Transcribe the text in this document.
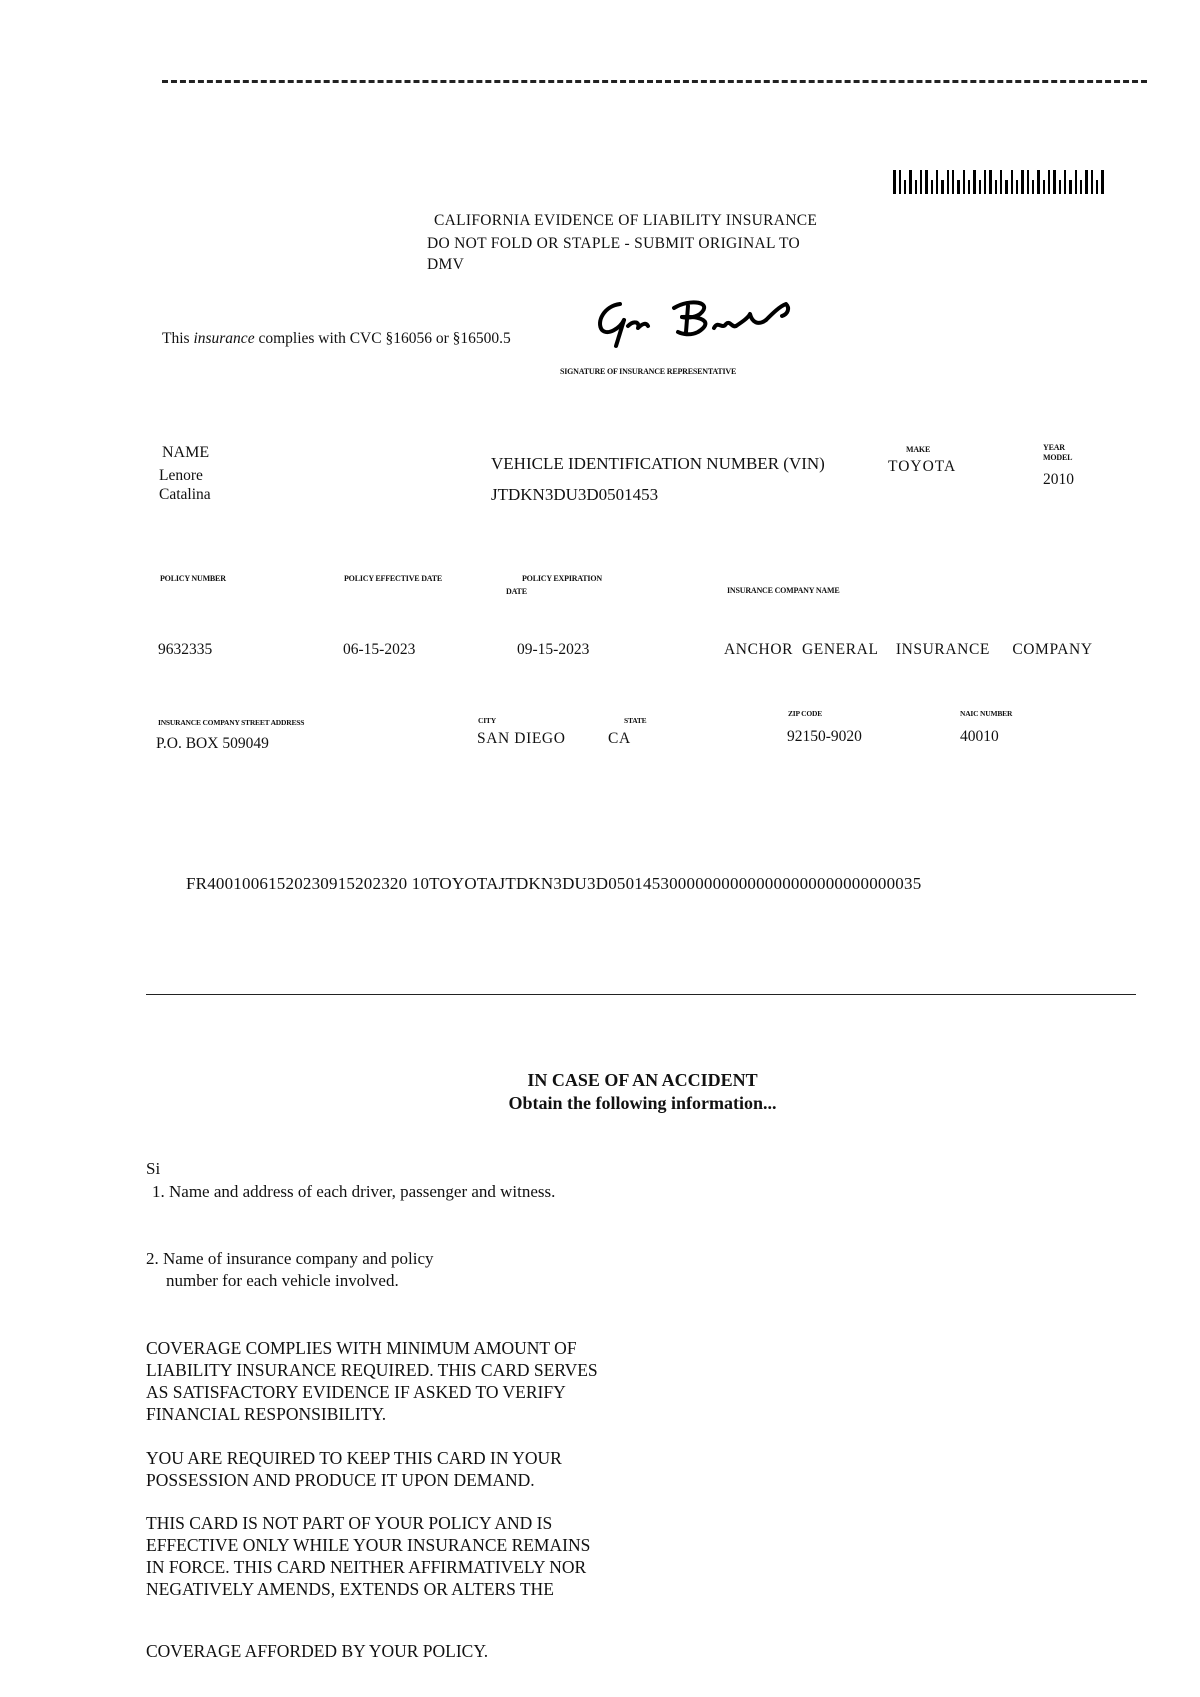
CALIFORNIA EVIDENCE OF LIABILITY INSURANCE
DO NOT FOLD OR STAPLE - SUBMIT ORIGINAL TO
DMV
This insurance complies with CVC §16056 or §16500.5
SIGNATURE OF INSURANCE REPRESENTATIVE
NAME
Lenore
Catalina
VEHICLE IDENTIFICATION NUMBER (VIN)
JTDKN3DU3D0501453
MAKE
TOYOTA
YEAR
MODEL
2010
POLICY NUMBER	POLICY EFFECTIVE DATE	POLICY EXPIRATION
DATE	INSURANCE COMPANY NAME
9632335	06-15-2023	09-15-2023	ANCHOR  GENERAL    INSURANCE     COMPANY
INSURANCE COMPANY STREET ADDRESS	CITY	STATE
ZIP CODE	NAIC NUMBER
P.O. BOX 509049	SAN DIEGO	CA	92150-9020	40010
FR40010061520230915202320 10TOYOTAJTDKN3DU3D050145300000000000000000000000000035
IN CASE OF AN ACCIDENT
Obtain the following information...
Si
1. Name and address of each driver, passenger and witness.
2. Name of insurance company and policy
number for each vehicle involved.
COVERAGE COMPLIES WITH MINIMUM AMOUNT OF
LIABILITY INSURANCE REQUIRED. THIS CARD SERVES
AS SATISFACTORY EVIDENCE IF ASKED TO VERIFY
FINANCIAL RESPONSIBILITY.
YOU ARE REQUIRED TO KEEP THIS CARD IN YOUR
POSSESSION AND PRODUCE IT UPON DEMAND.
THIS CARD IS NOT PART OF YOUR POLICY AND IS
EFFECTIVE ONLY WHILE YOUR INSURANCE REMAINS
IN FORCE. THIS CARD NEITHER AFFIRMATIVELY NOR
NEGATIVELY AMENDS, EXTENDS OR ALTERS THE
COVERAGE AFFORDED BY YOUR POLICY.
